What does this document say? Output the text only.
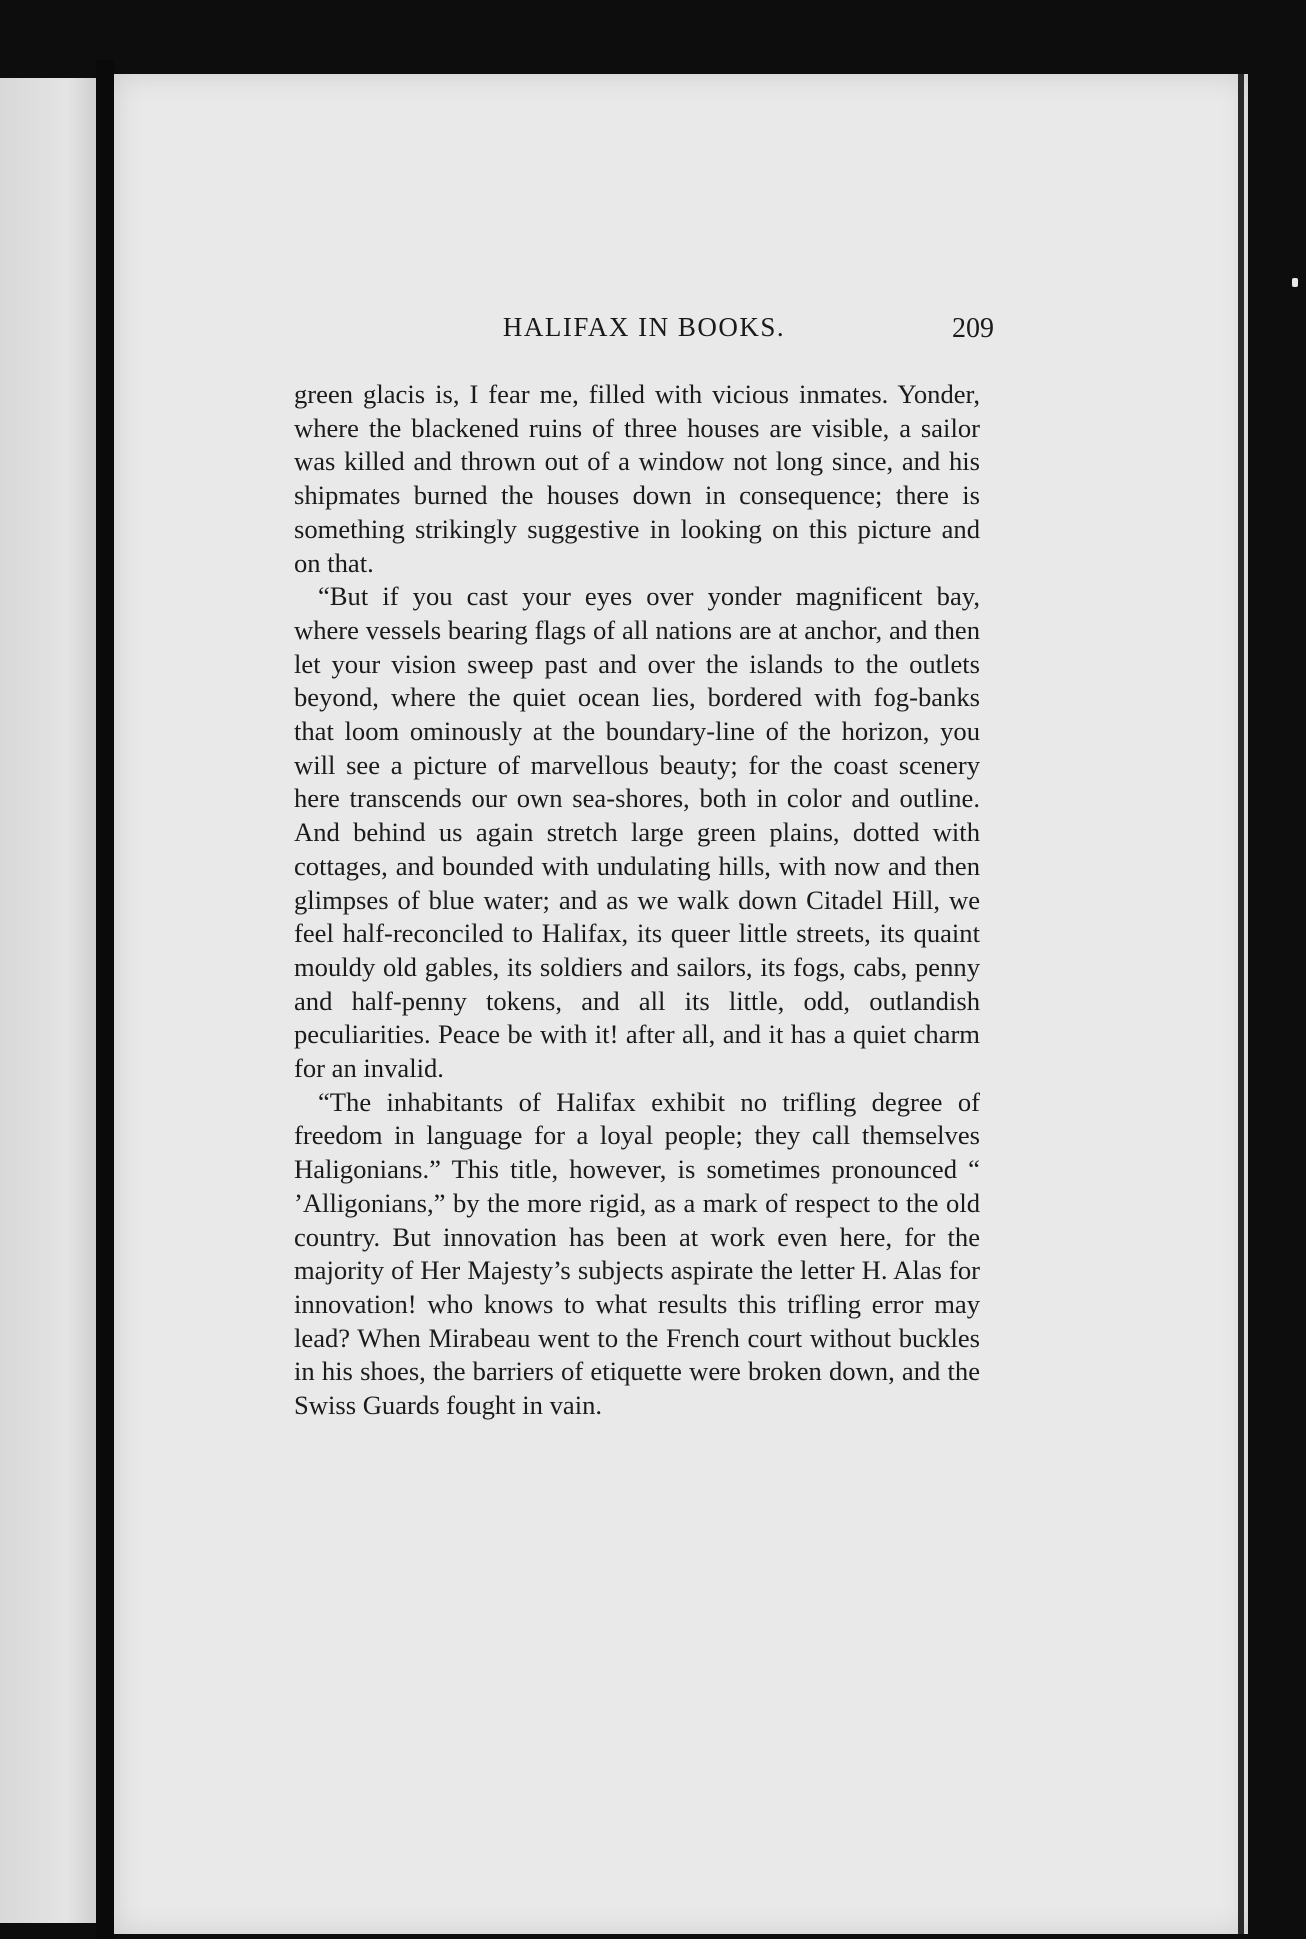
HALIFAX IN BOOKS.	209

green glacis is, I fear me, filled with vicious inmates. Yonder, where the blackened ruins of three houses are visible, a sailor was killed and thrown out of a window not long since, and his shipmates burned the houses down in consequence; there is something strikingly suggestive in looking on this picture and on that.

“But if you cast your eyes over yonder magnificent bay, where vessels bearing flags of all nations are at anchor, and then let your vision sweep past and over the islands to the outlets beyond, where the quiet ocean lies, bordered with fog-banks that loom ominously at the boundary-line of the horizon, you will see a picture of marvellous beauty; for the coast scenery here transcends our own sea-shores, both in color and outline. And behind us again stretch large green plains, dotted with cottages, and bounded with undulating hills, with now and then glimpses of blue water; and as we walk down Citadel Hill, we feel half-reconciled to Halifax, its queer little streets, its quaint mouldy old gables, its soldiers and sailors, its fogs, cabs, penny and half-penny tokens, and all its little, odd, outlandish peculiarities. Peace be with it! after all, and it has a quiet charm for an invalid.

“The inhabitants of Halifax exhibit no trifling degree of freedom in language for a loyal people; they call themselves Haligonians.” This title, however, is sometimes pronounced “ ’Alligonians,” by the more rigid, as a mark of respect to the old country. But innovation has been at work even here, for the majority of Her Majesty’s subjects aspirate the letter H. Alas for innovation! who knows to what results this trifling error may lead? When Mirabeau went to the French court without buckles in his shoes, the barriers of etiquette were broken down, and the Swiss Guards fought in vain.
